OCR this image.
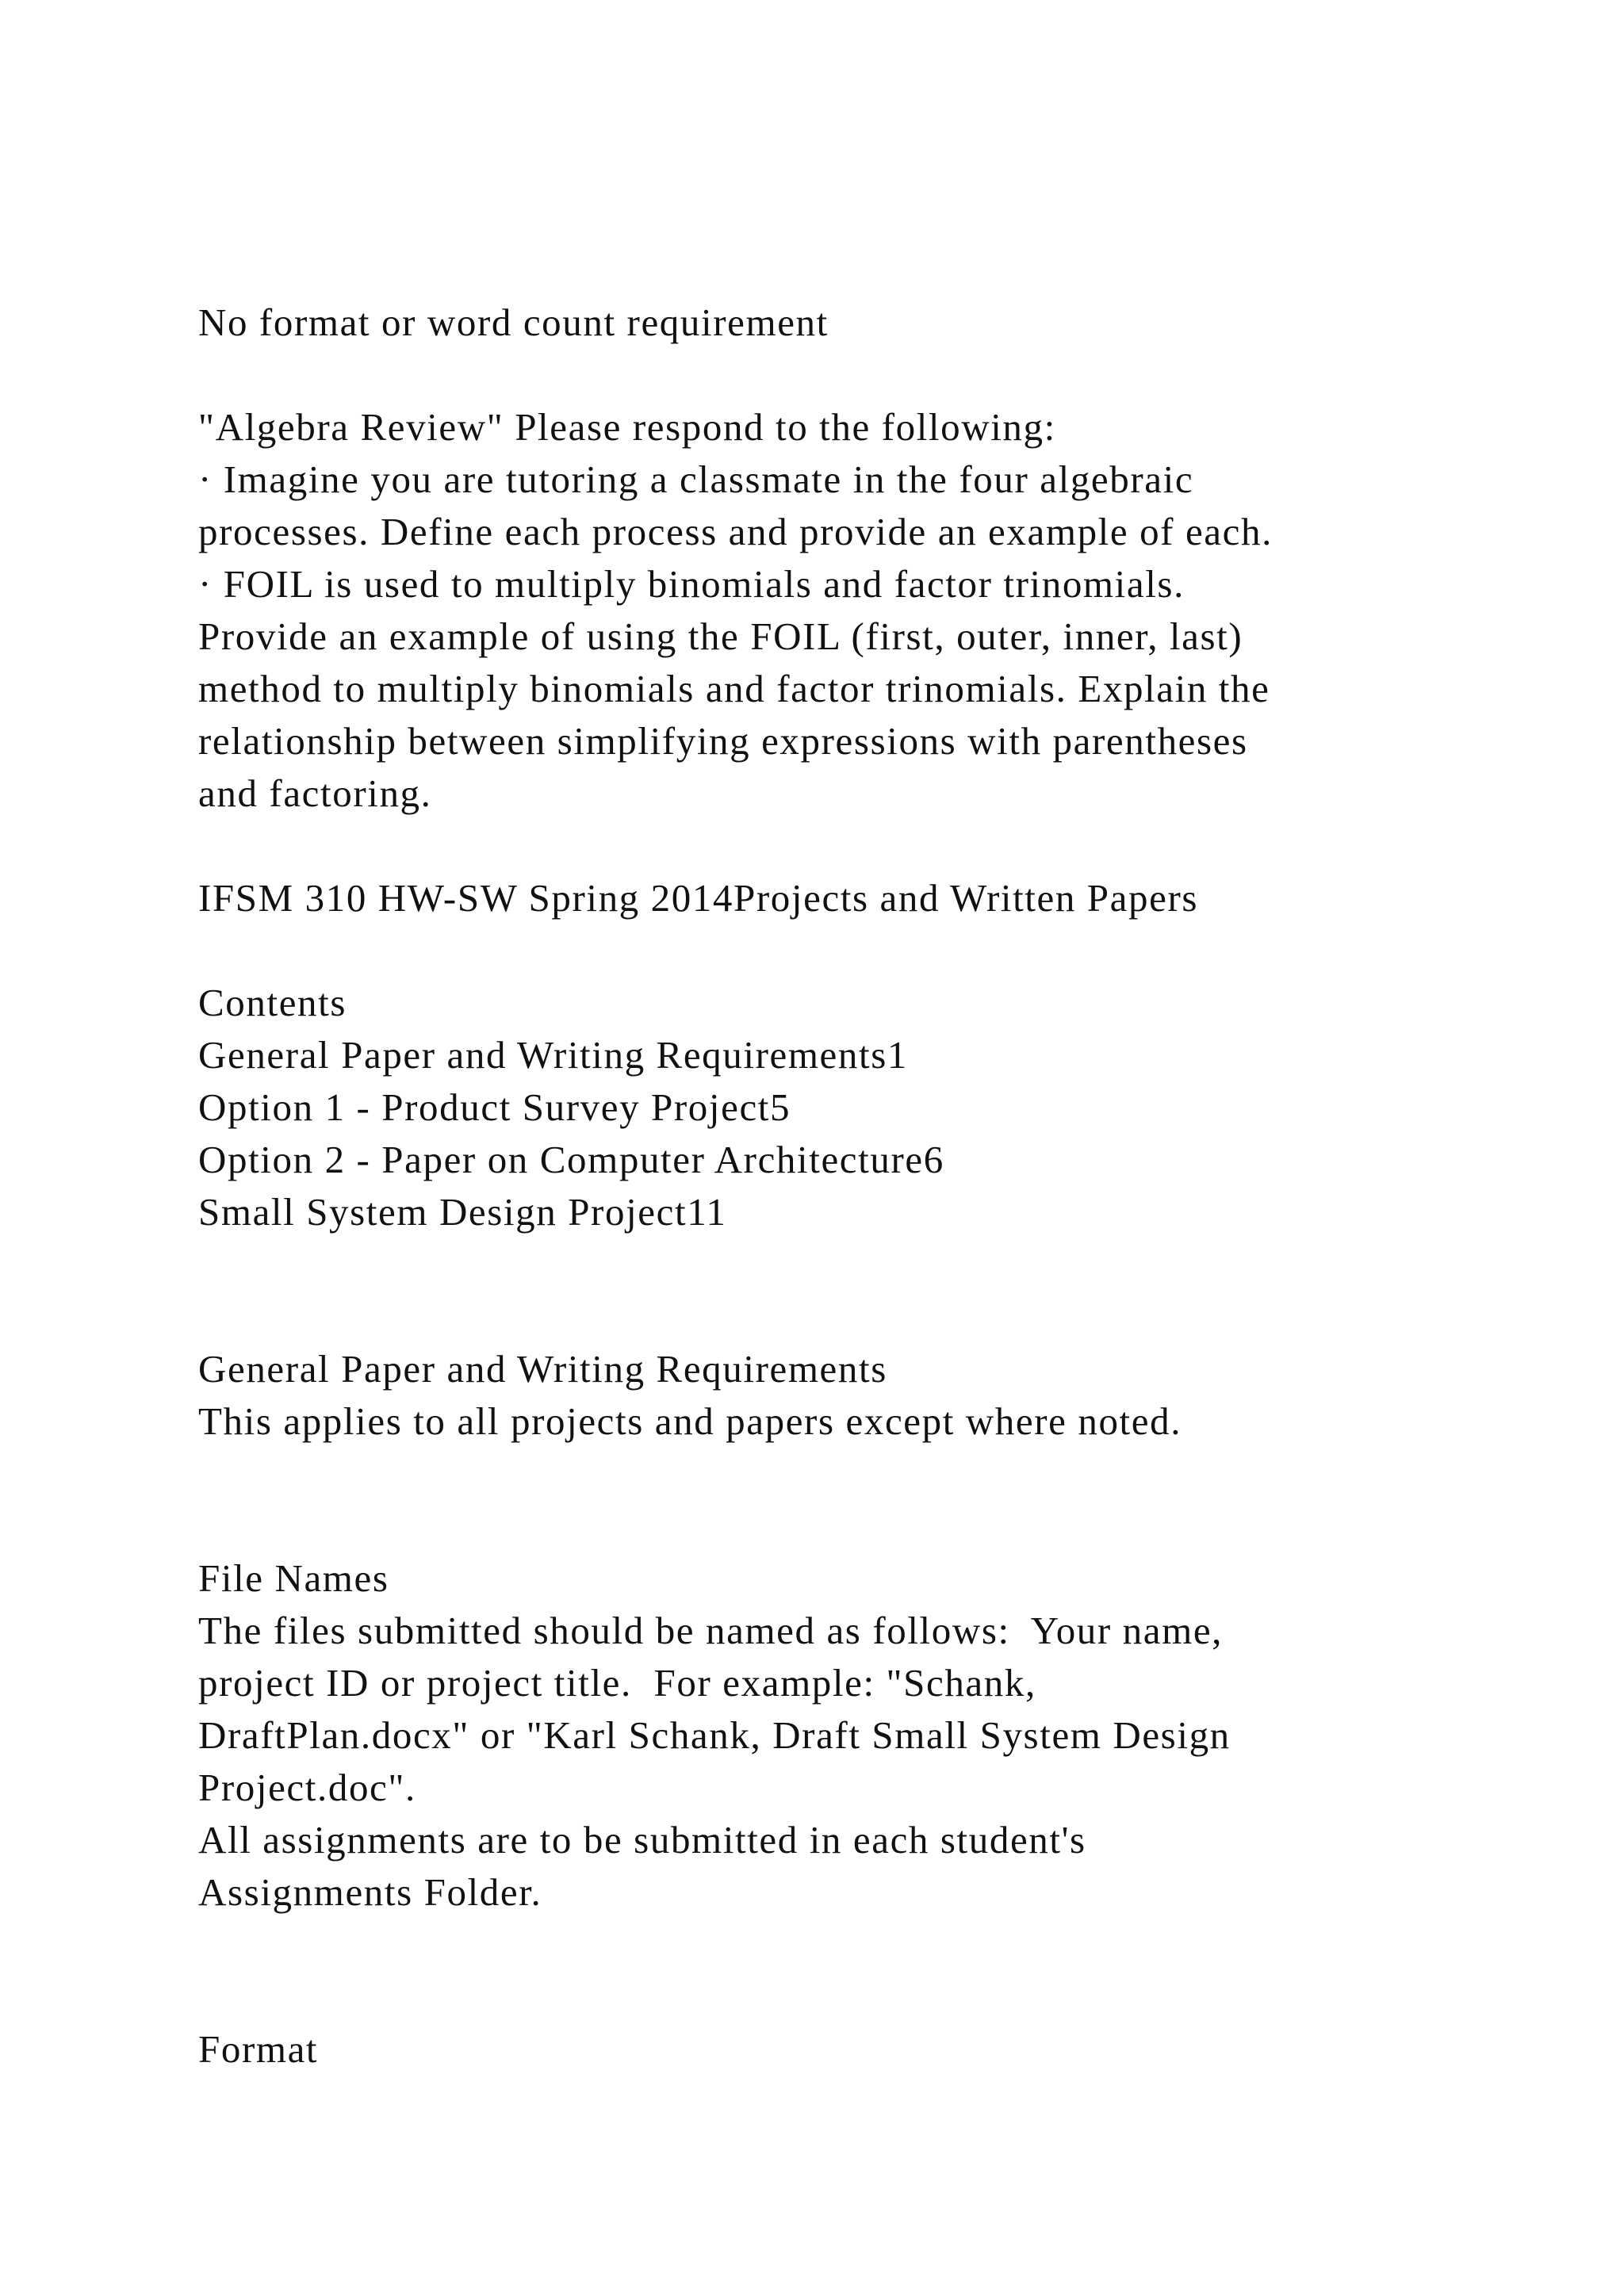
No format or word count requirement
"Algebra Review" Please respond to the following:
· Imagine you are tutoring a classmate in the four algebraic
processes. Define each process and provide an example of each.
· FOIL is used to multiply binomials and factor trinomials.
Provide an example of using the FOIL (first, outer, inner, last)
method to multiply binomials and factor trinomials. Explain the
relationship between simplifying expressions with parentheses
and factoring.
IFSM 310 HW-SW Spring 2014Projects and Written Papers
Contents
General Paper and Writing Requirements1
Option 1 - Product Survey Project5
Option 2 - Paper on Computer Architecture6
Small System Design Project11
General Paper and Writing Requirements
This applies to all projects and papers except where noted.
File Names
The files submitted should be named as follows:  Your name,
project ID or project title.  For example: "Schank,
DraftPlan.docx" or "Karl Schank, Draft Small System Design
Project.doc".
All assignments are to be submitted in each student's
Assignments Folder.
Format
